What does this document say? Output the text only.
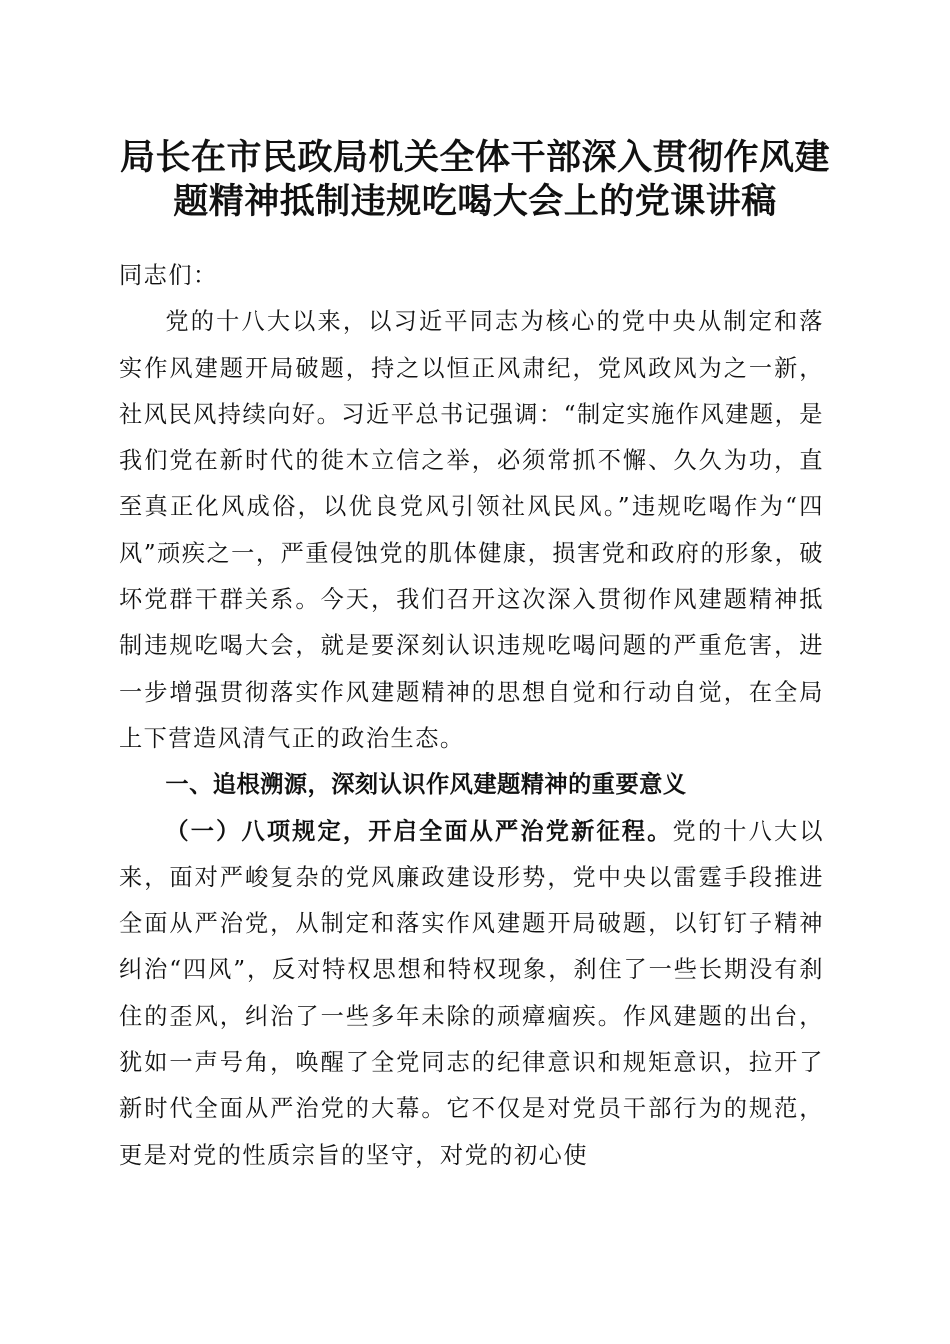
局长在市民政局机关全体干部深入贯彻作风建
题精神抵制违规吃喝大会上的党课讲稿

同志们：

党的十八大以来，以习近平同志为核心的党中央从制定和落实作风建题开局破题，持之以恒正风肃纪，党风政风为之一新，社风民风持续向好。习近平总书记强调：“制定实施作风建题，是我们党在新时代的徙木立信之举，必须常抓不懈、久久为功，直至真正化风成俗，以优良党风引领社风民风。”违规吃喝作为“四风”顽疾之一，严重侵蚀党的肌体健康，损害党和政府的形象，破坏党群干群关系。今天，我们召开这次深入贯彻作风建题精神抵制违规吃喝大会，就是要深刻认识违规吃喝问题的严重危害，进一步增强贯彻落实作风建题精神的思想自觉和行动自觉，在全局上下营造风清气正的政治生态。

一、追根溯源，深刻认识作风建题精神的重要意义

（一）八项规定，开启全面从严治党新征程。党的十八大以来，面对严峻复杂的党风廉政建设形势，党中央以雷霆手段推进全面从严治党，从制定和落实作风建题开局破题，以钉钉子精神纠治“四风”，反对特权思想和特权现象，刹住了一些长期没有刹住的歪风，纠治了一些多年未除的顽瘴痼疾。作风建题的出台，犹如一声号角，唤醒了全党同志的纪律意识和规矩意识，拉开了新时代全面从严治党的大幕。它不仅是对党员干部行为的规范，更是对党的性质宗旨的坚守，对党的初心使
